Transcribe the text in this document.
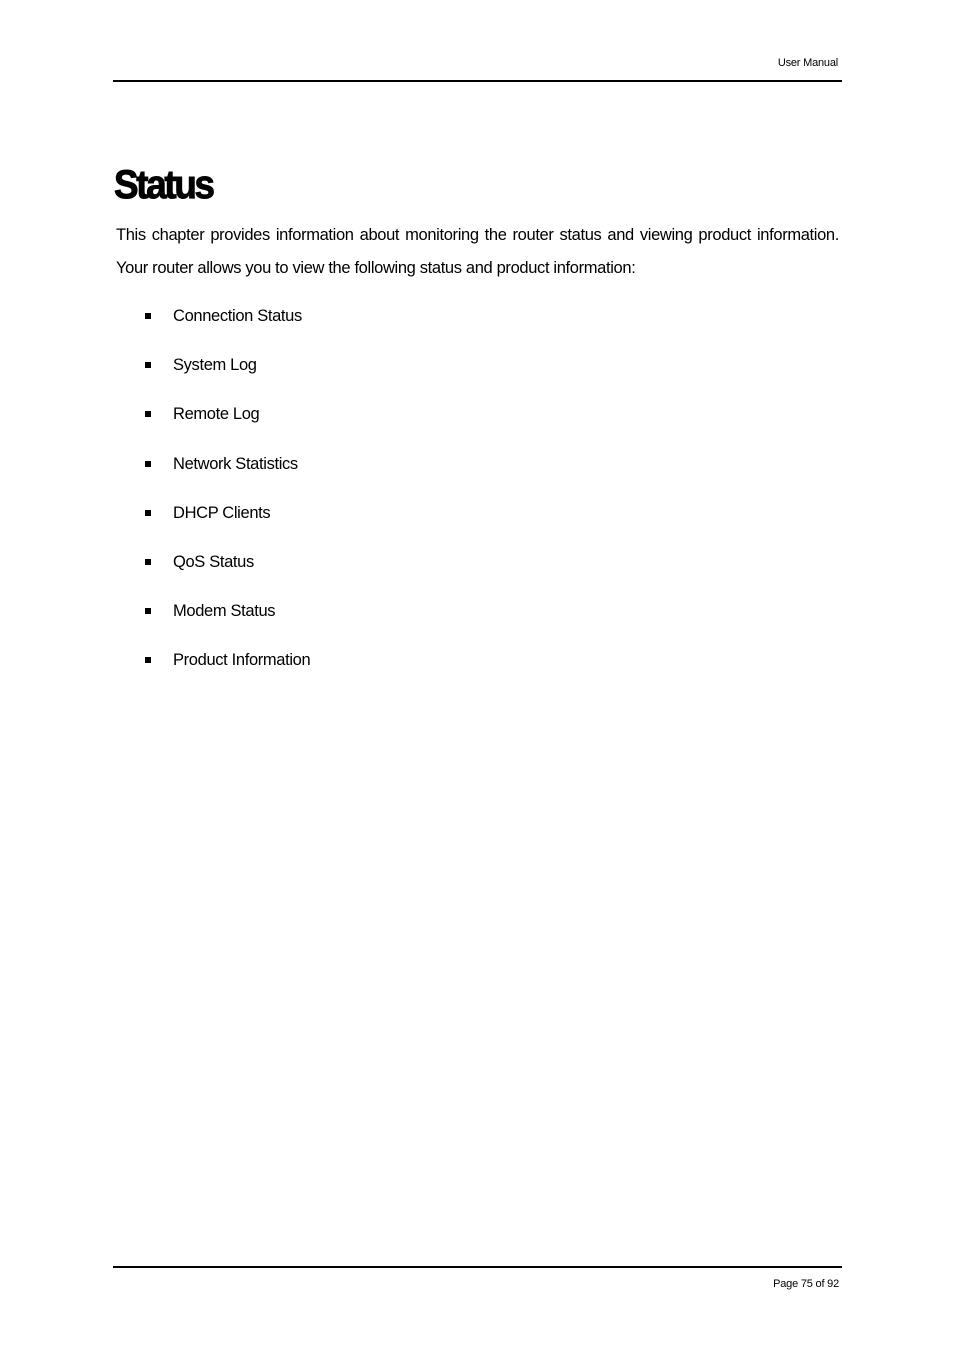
User Manual
Status

This chapter provides information about monitoring the router status and viewing product information. Your router allows you to view the following status and product information:

Connection Status
System Log
Remote Log
Network Statistics
DHCP Clients
QoS Status
Modem Status
Product Information
Page 75 of 92
